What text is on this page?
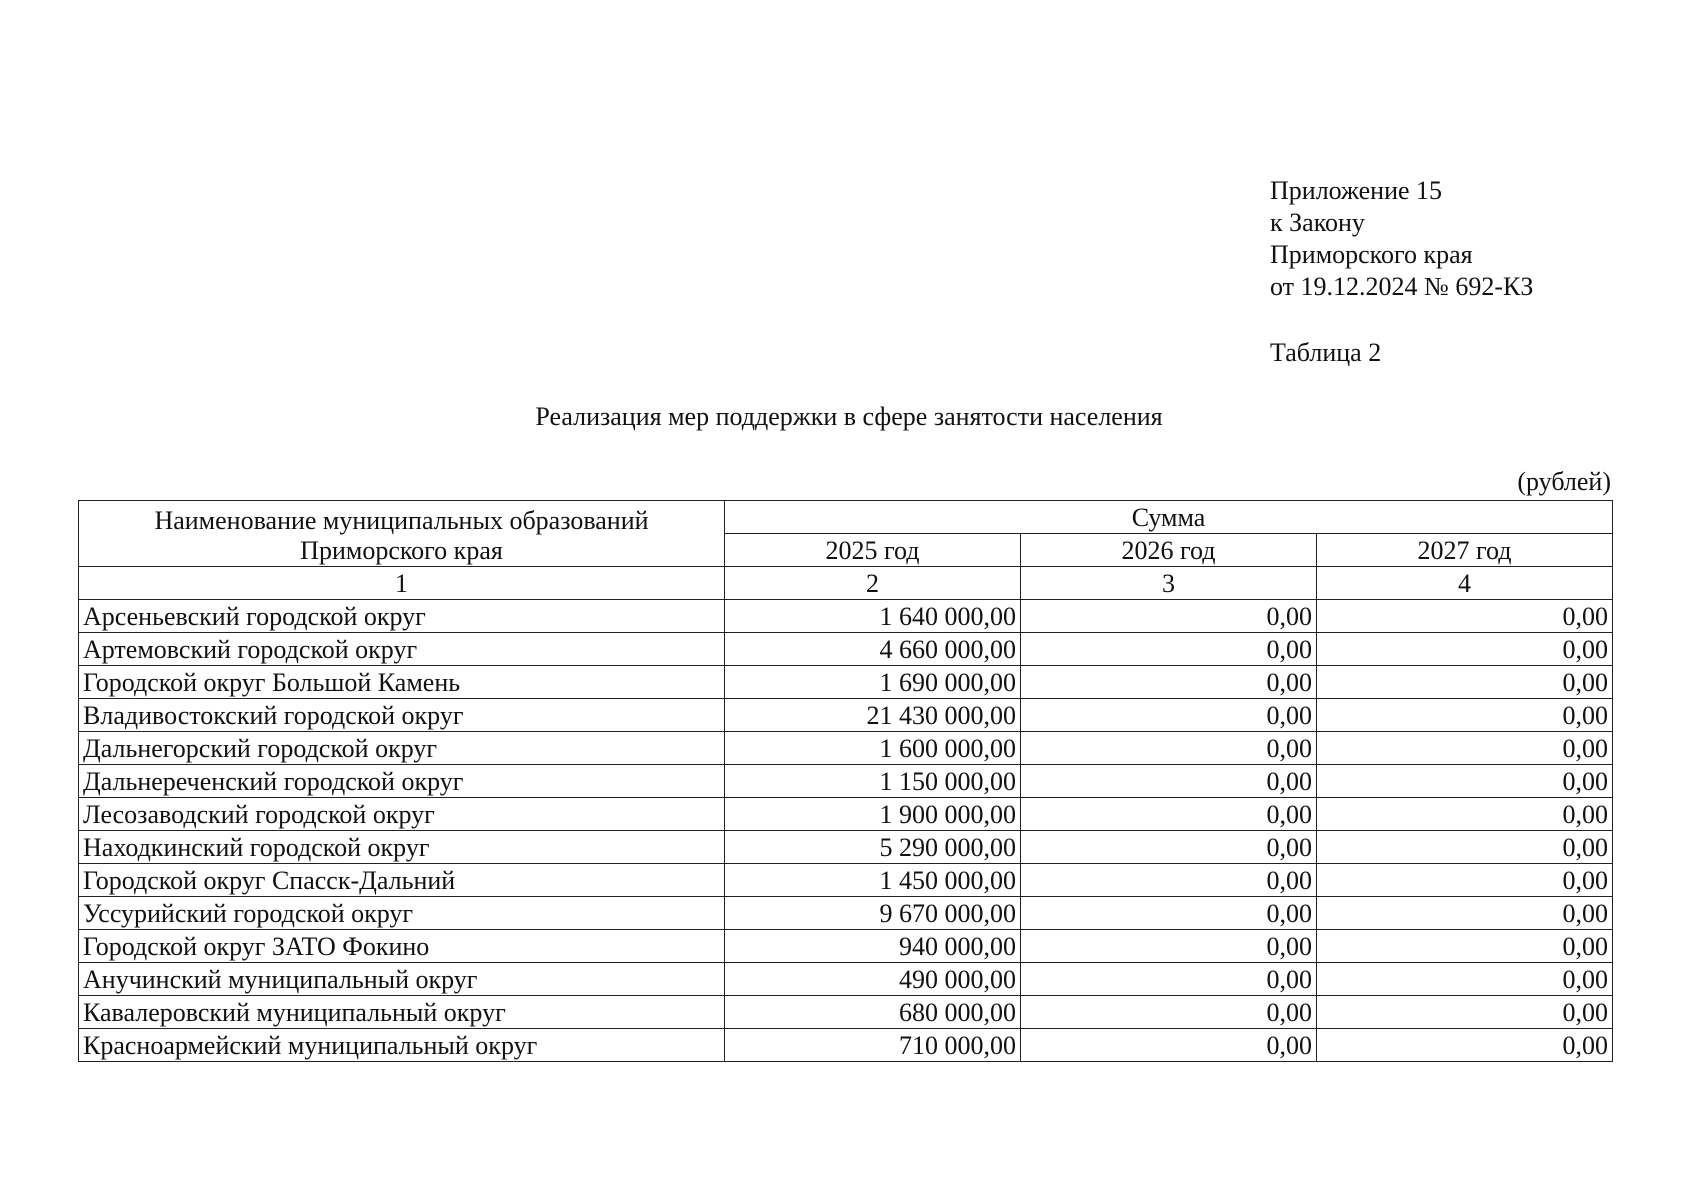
Приложение 15
к Закону
Приморского края
от 19.12.2024 № 692-КЗ
Таблица 2
Реализация мер поддержки в сфере занятости населения
(рублей)
Наименование муниципальных образований
Приморского края	Сумма		
	2025 год	2026 год	2027 год
1	2	3	4
Арсеньевский городской округ	1 640 000,00	0,00	0,00
Артемовский городской округ	4 660 000,00	0,00	0,00
Городской округ Большой Камень	1 690 000,00	0,00	0,00
Владивостокский городской округ	21 430 000,00	0,00	0,00
Дальнегорский городской округ	1 600 000,00	0,00	0,00
Дальнереченский городской округ	1 150 000,00	0,00	0,00
Лесозаводский городской округ	1 900 000,00	0,00	0,00
Находкинский городской округ	5 290 000,00	0,00	0,00
Городской округ Спасск-Дальний	1 450 000,00	0,00	0,00
Уссурийский городской округ	9 670 000,00	0,00	0,00
Городской округ ЗАТО Фокино	940 000,00	0,00	0,00
Анучинский муниципальный округ	490 000,00	0,00	0,00
Кавалеровский муниципальный округ	680 000,00	0,00	0,00
Красноармейский муниципальный округ	710 000,00	0,00	0,00
